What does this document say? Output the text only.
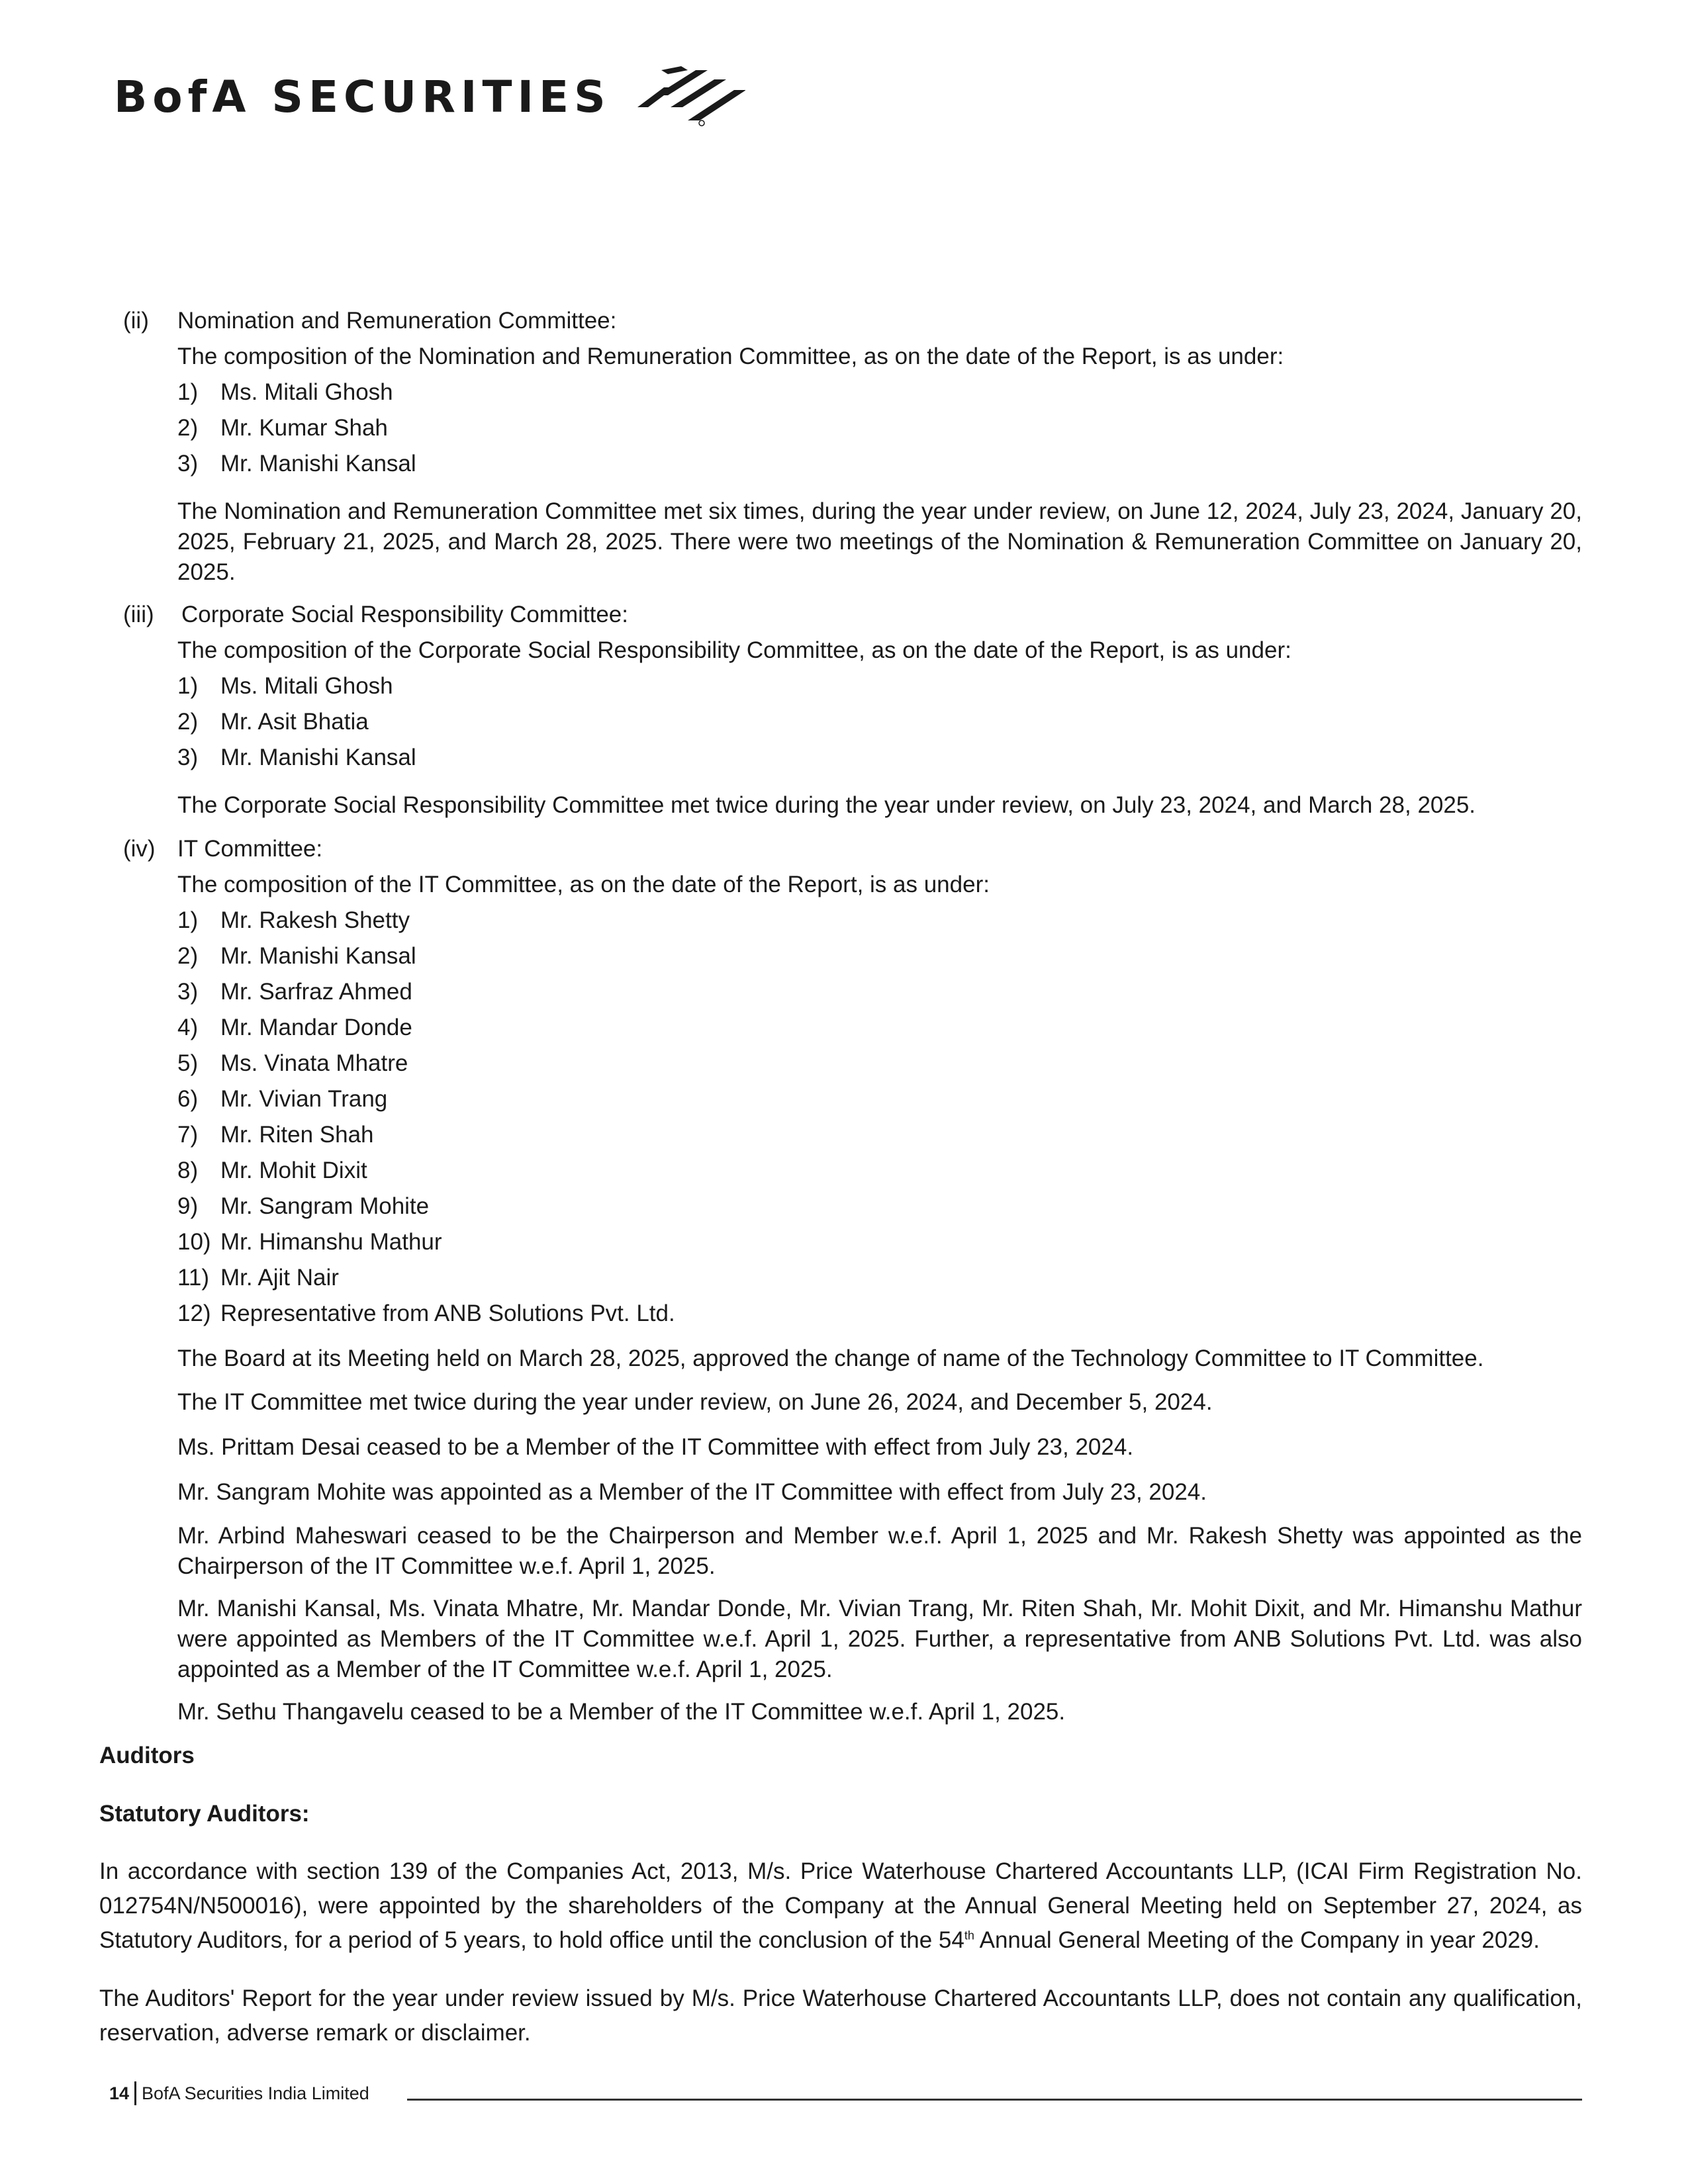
BofA SECURITIES
(ii) Nomination and Remuneration Committee:
The composition of the Nomination and Remuneration Committee, as on the date of the Report, is as under:
1) Ms. Mitali Ghosh
2) Mr. Kumar Shah
3) Mr. Manishi Kansal
The Nomination and Remuneration Committee met six times, during the year under review, on June 12, 2024, July 23, 2024, January 20, 2025, February 21, 2025, and March 28, 2025. There were two meetings of the Nomination & Remuneration Committee on January 20, 2025.
(iii) Corporate Social Responsibility Committee:
The composition of the Corporate Social Responsibility Committee, as on the date of the Report, is as under:
1) Ms. Mitali Ghosh
2) Mr. Asit Bhatia
3) Mr. Manishi Kansal
The Corporate Social Responsibility Committee met twice during the year under review, on July 23, 2024, and March 28, 2025.
(iv) IT Committee:
The composition of the IT Committee, as on the date of the Report, is as under:
1) Mr. Rakesh Shetty
2) Mr. Manishi Kansal
3) Mr. Sarfraz Ahmed
4) Mr. Mandar Donde
5) Ms. Vinata Mhatre
6) Mr. Vivian Trang
7) Mr. Riten Shah
8) Mr. Mohit Dixit
9) Mr. Sangram Mohite
10) Mr. Himanshu Mathur
11) Mr. Ajit Nair
12) Representative from ANB Solutions Pvt. Ltd.
The Board at its Meeting held on March 28, 2025, approved the change of name of the Technology Committee to IT Committee.
The IT Committee met twice during the year under review, on June 26, 2024, and December 5, 2024.
Ms. Prittam Desai ceased to be a Member of the IT Committee with effect from July 23, 2024.
Mr. Sangram Mohite was appointed as a Member of the IT Committee with effect from July 23, 2024.
Mr. Arbind Maheswari ceased to be the Chairperson and Member w.e.f. April 1, 2025 and Mr. Rakesh Shetty was appointed as the Chairperson of the IT Committee w.e.f. April 1, 2025.
Mr. Manishi Kansal, Ms. Vinata Mhatre, Mr. Mandar Donde, Mr. Vivian Trang, Mr. Riten Shah, Mr. Mohit Dixit, and Mr. Himanshu Mathur were appointed as Members of the IT Committee w.e.f. April 1, 2025. Further, a representative from ANB Solutions Pvt. Ltd. was also appointed as a Member of the IT Committee w.e.f. April 1, 2025.
Mr. Sethu Thangavelu ceased to be a Member of the IT Committee w.e.f. April 1, 2025.
Auditors
Statutory Auditors:
In accordance with section 139 of the Companies Act, 2013, M/s. Price Waterhouse Chartered Accountants LLP, (ICAI Firm Registration No. 012754N/N500016), were appointed by the shareholders of the Company at the Annual General Meeting held on September 27, 2024, as Statutory Auditors, for a period of 5 years, to hold office until the conclusion of the 54th Annual General Meeting of the Company in year 2029.
The Auditors' Report for the year under review issued by M/s. Price Waterhouse Chartered Accountants LLP, does not contain any qualification, reservation, adverse remark or disclaimer.
14 BofA Securities India Limited
